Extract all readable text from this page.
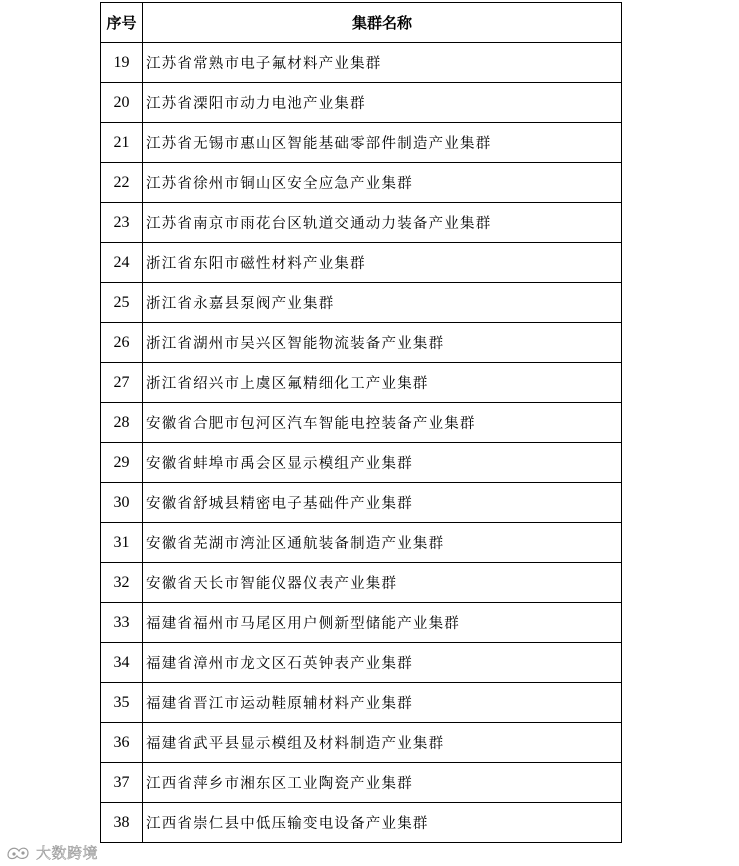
序号	集群名称
19	江苏省常熟市电子氟材料产业集群
20	江苏省溧阳市动力电池产业集群
21	江苏省无锡市惠山区智能基础零部件制造产业集群
22	江苏省徐州市铜山区安全应急产业集群
23	江苏省南京市雨花台区轨道交通动力装备产业集群
24	浙江省东阳市磁性材料产业集群
25	浙江省永嘉县泵阀产业集群
26	浙江省湖州市吴兴区智能物流装备产业集群
27	浙江省绍兴市上虞区氟精细化工产业集群
28	安徽省合肥市包河区汽车智能电控装备产业集群
29	安徽省蚌埠市禹会区显示模组产业集群
30	安徽省舒城县精密电子基础件产业集群
31	安徽省芜湖市湾沚区通航装备制造产业集群
32	安徽省天长市智能仪器仪表产业集群
33	福建省福州市马尾区用户侧新型储能产业集群
34	福建省漳州市龙文区石英钟表产业集群
35	福建省晋江市运动鞋原辅材料产业集群
36	福建省武平县显示模组及材料制造产业集群
37	江西省萍乡市湘东区工业陶瓷产业集群
38	江西省崇仁县中低压输变电设备产业集群
大数跨境
